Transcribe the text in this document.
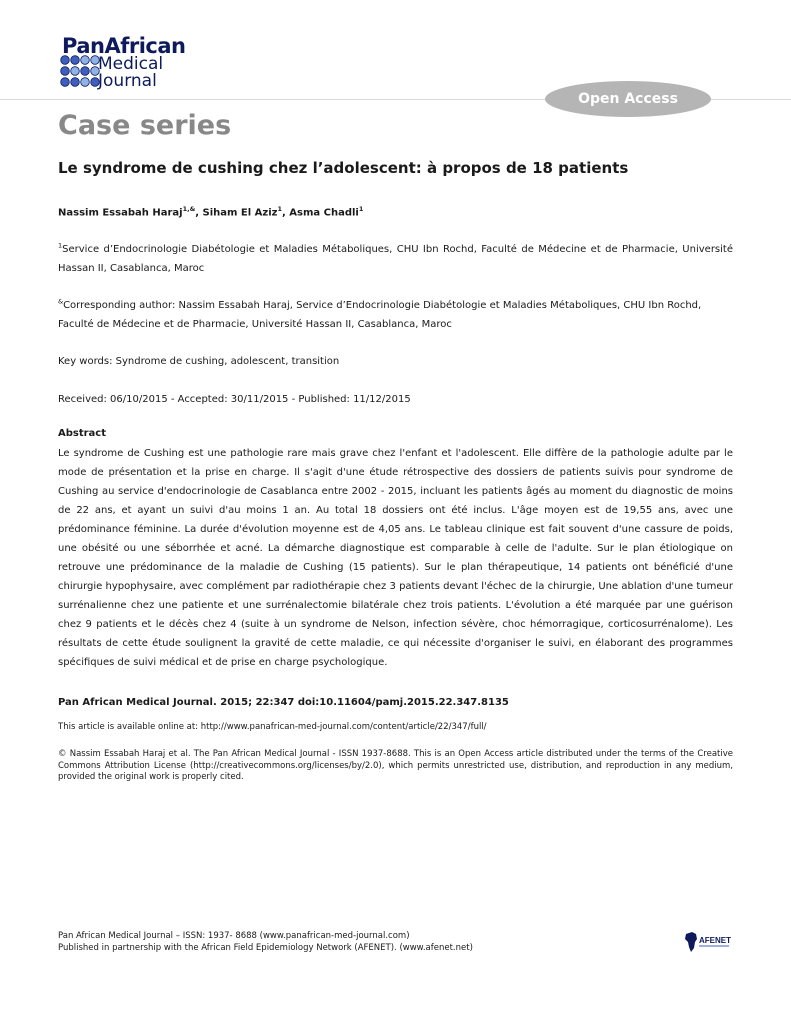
PanAfrican
Medical
Journal
Open Access
Case series
Le syndrome de cushing chez l’adolescent: à propos de 18 patients
Nassim Essabah Haraj$^{1,\&}$, Siham El Aziz$^1$, Asma Chadli$^1$
$^1$Service d’Endocrinologie Diabétologie et Maladies Métaboliques, CHU Ibn Rochd, Faculté de Médecine et de Pharmacie, Université Hassan II, Casablanca, Maroc
&Corresponding author: Nassim Essabah Haraj, Service d’Endocrinologie Diabétologie et Maladies Métaboliques, CHU Ibn Rochd, Faculté de Médecine et de Pharmacie, Université Hassan II, Casablanca, Maroc
Key words: Syndrome de cushing, adolescent, transition
Received: 06/10/2015 - Accepted: 30/11/2015 - Published: 11/12/2015
Abstract
Le syndrome de Cushing est une pathologie rare mais grave chez l'enfant et l'adolescent. Elle diffère de la pathologie adulte par le mode de présentation et la prise en charge. Il s'agit d'une étude rétrospective des dossiers de patients suivis pour syndrome de Cushing au service d'endocrinologie de Casablanca entre 2002 - 2015, incluant les patients âgés au moment du diagnostic de moins de 22 ans, et ayant un suivi d'au moins 1 an. Au total 18 dossiers ont été inclus. L'âge moyen est de 19,55 ans, avec une prédominance féminine. La durée d'évolution moyenne est de 4,05 ans. Le tableau clinique est fait souvent d'une cassure de poids, une obésité ou une séborrhée et acné. La démarche diagnostique est comparable à celle de l'adulte. Sur le plan étiologique on retrouve une prédominance de la maladie de Cushing (15 patients). Sur le plan thérapeutique, 14 patients ont bénéficié d'une chirurgie hypophysaire, avec complément par radiothérapie chez 3 patients devant l'échec de la chirurgie, Une ablation d'une tumeur surrénalienne chez une patiente et une surrénalectomie bilatérale chez trois patients. L'évolution a été marquée par une guérison chez 9 patients et le décès chez 4 (suite à un syndrome de Nelson, infection sévère, choc hémorragique, corticosurrénalome). Les résultats de cette étude soulignent la gravité de cette maladie, ce qui nécessite d'organiser le suivi, en élaborant des programmes spécifiques de suivi médical et de prise en charge psychologique.
Pan African Medical Journal. 2015; 22:347 doi:10.11604/pamj.2015.22.347.8135
This article is available online at: http://www.panafrican-med-journal.com/content/article/22/347/full/
© Nassim Essabah Haraj et al. The Pan African Medical Journal - ISSN 1937-8688. This is an Open Access article distributed under the terms of the Creative Commons Attribution License (http://creativecommons.org/licenses/by/2.0), which permits unrestricted use, distribution, and reproduction in any medium, provided the original work is properly cited.
Pan African Medical Journal – ISSN: 1937- 8688 (www.panafrican-med-journal.com)
Published in partnership with the African Field Epidemiology Network (AFENET). (www.afenet.net)
AFENET
